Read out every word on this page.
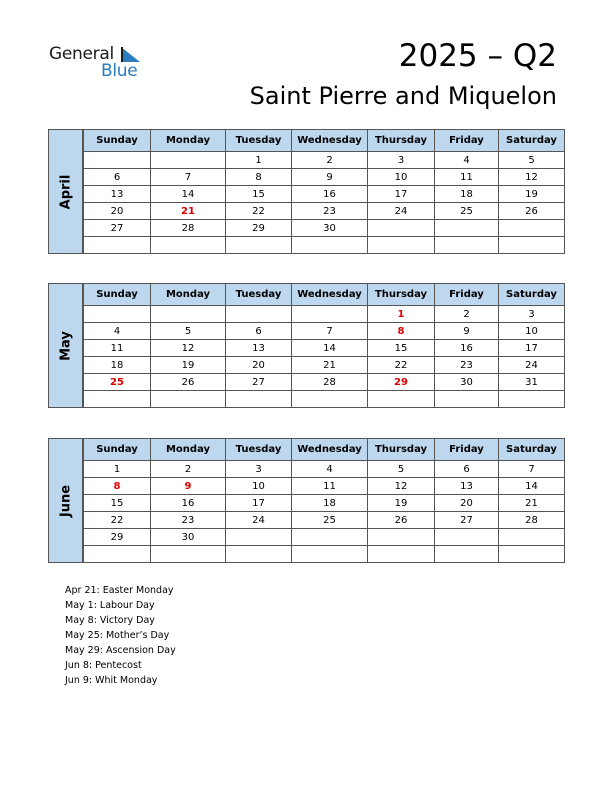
General
Blue	2025 – Q2
Saint Pierre and Miquelon
April
Sunday	Monday	Tuesday	Wednesday	Thursday	Friday	Saturday
		1	2	3	4	5
6	7	8	9	10	11	12
13	14	15	16	17	18	19
20	21	22	23	24	25	26
27	28	29	30			

May
Sunday	Monday	Tuesday	Wednesday	Thursday	Friday	Saturday
				1	2	3
4	5	6	7	8	9	10
11	12	13	14	15	16	17
18	19	20	21	22	23	24
25	26	27	28	29	30	31

June
Sunday	Monday	Tuesday	Wednesday	Thursday	Friday	Saturday
1	2	3	4	5	6	7
8	9	10	11	12	13	14
15	16	17	18	19	20	21
22	23	24	25	26	27	28
29	30					

Apr 21: Easter Monday
May 1: Labour Day
May 8: Victory Day
May 25: Mother’s Day
May 29: Ascension Day
Jun 8: Pentecost
Jun 9: Whit Monday
